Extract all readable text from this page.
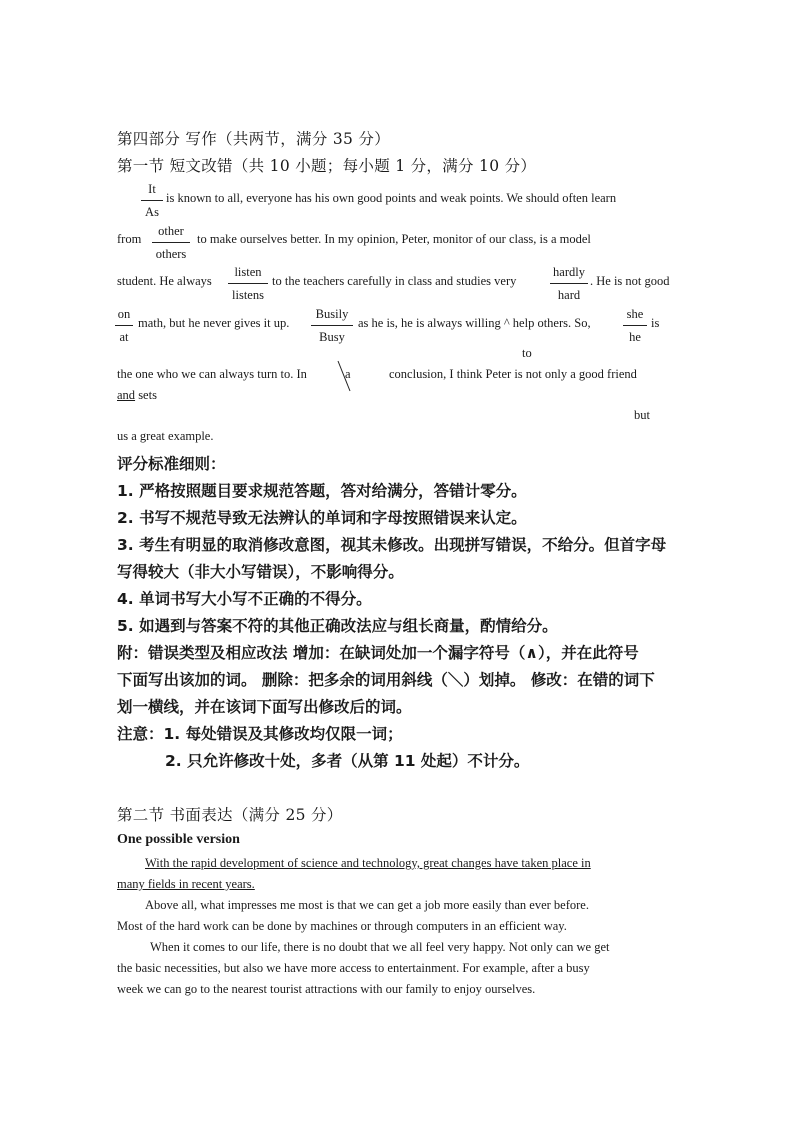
第四部分 写作（共两节，满分 35 分）
第一节 短文改错（共 10 小题；每小题 1 分，满分 10 分）
$\frac{It}{As}$ is known to all, everyone has his own good points and weak points. We should often learn
from
other
others
to make ourselves better. In my opinion, Peter, monitor of our class, is a model
student. He always
listen
listens
to the teachers carefully in class and studies very
hardly
hard
. He is not good
$\frac{on}{at}$ math, but he never gives it up.
Busily
Busy
as he is, he is always willing ^ help others. So,
she
he
is
to
the one who we can always turn to. In	a	conclusion, I think Peter is not only a good friend
and sets
but
us a great example.
评分标准细则：
1. 严格按照题目要求规范答题，答对给满分，答错计零分。
2. 书写不规范导致无法辨认的单词和字母按照错误来认定。
3. 考生有明显的取消修改意图，视其未修改。出现拼写错误，不给分。但首字母
写得较大（非大小写错误），不影响得分。
4. 单词书写大小写不正确的不得分。
5. 如遇到与答案不符的其他正确改法应与组长商量，酌情给分。
附：错误类型及相应改法 增加：在缺词处加一个漏字符号（∧），并在此符号
下面写出该加的词。 删除：把多余的词用斜线（＼）划掉。 修改：在错的词下
划一横线，并在该词下面写出修改后的词。
注意：1. 每处错误及其修改均仅限一词；
2. 只允许修改十处，多者（从第 11 处起）不计分。
第二节 书面表达（满分 25 分）
One possible version
With the rapid development of science and technology, great changes have taken place in
many fields in recent years.
Above all, what impresses me most is that we can get a job more easily than ever before.
Most of the hard work can be done by machines or through computers in an efficient way.
When it comes to our life, there is no doubt that we all feel very happy. Not only can we get
the basic necessities, but also we have more access to entertainment. For example, after a busy
week we can go to the nearest tourist attractions with our family to enjoy ourselves.
